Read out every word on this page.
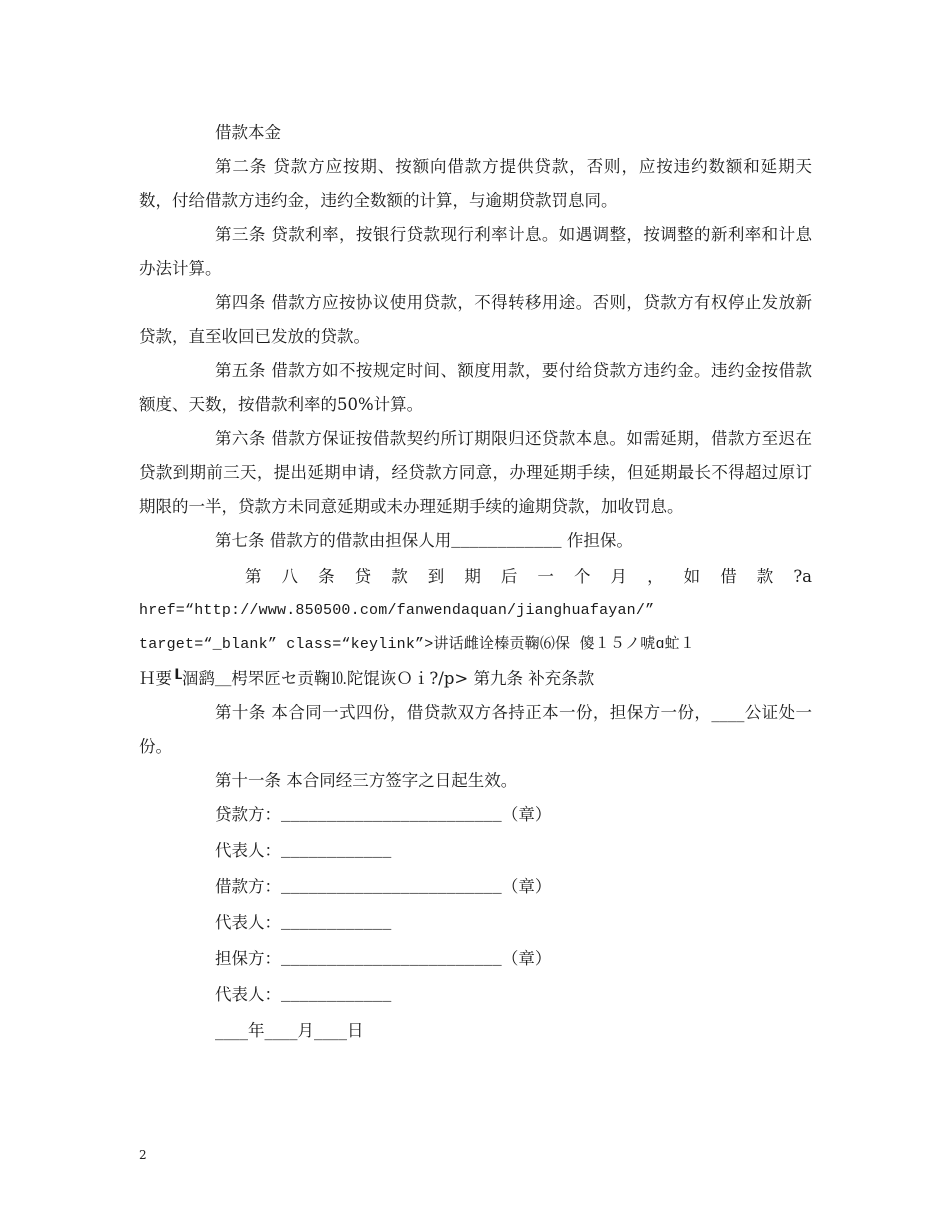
借款本金

第二条 贷款方应按期、按额向借款方提供贷款，否则，应按违约数额和延期天数，付给借款方违约金，违约全数额的计算，与逾期贷款罚息同。

第三条 贷款利率，按银行贷款现行利率计息。如遇调整，按调整的新利率和计息办法计算。

第四条 借款方应按协议使用贷款，不得转移用途。否则，贷款方有权停止发放新贷款，直至收回已发放的贷款。

第五条 借款方如不按规定时间、额度用款，要付给贷款方违约金。违约金按借款额度、天数，按借款利率的50%计算。

第六条 借款方保证按借款契约所订期限归还贷款本息。如需延期，借款方至迟在贷款到期前三天，提出延期申请，经贷款方同意，办理延期手续，但延期最长不得超过原订期限的一半，贷款方未同意延期或未办理延期手续的逾期贷款，加收罚息。

第七条 借款方的借款由担保人用____________ 作担保。

第 八 条 贷 款 到 期 后 一 个 月 ， 如 借 款 ?a

href=“http://www.850500.com/fanwendaquan/jianghuafayan/”

target=“_blank” class=“keylink”>讲话雌诠榛贡鞠⑹保 傻１５ノ唬ɑ虻１

Ｈ要┖涸鹞＿枵罘匠セ贡鞠⒑陀馄诙Ｏｉ?/p> 第九条 补充条款

第十条 本合同一式四份，借贷款双方各持正本一份，担保方一份，____公证处一份。

第十一条 本合同经三方签字之日起生效。

贷款方：________________________（章）

代表人：____________

借款方：________________________（章）

代表人：____________

担保方：________________________（章）

代表人：____________

____年____月____日

2
